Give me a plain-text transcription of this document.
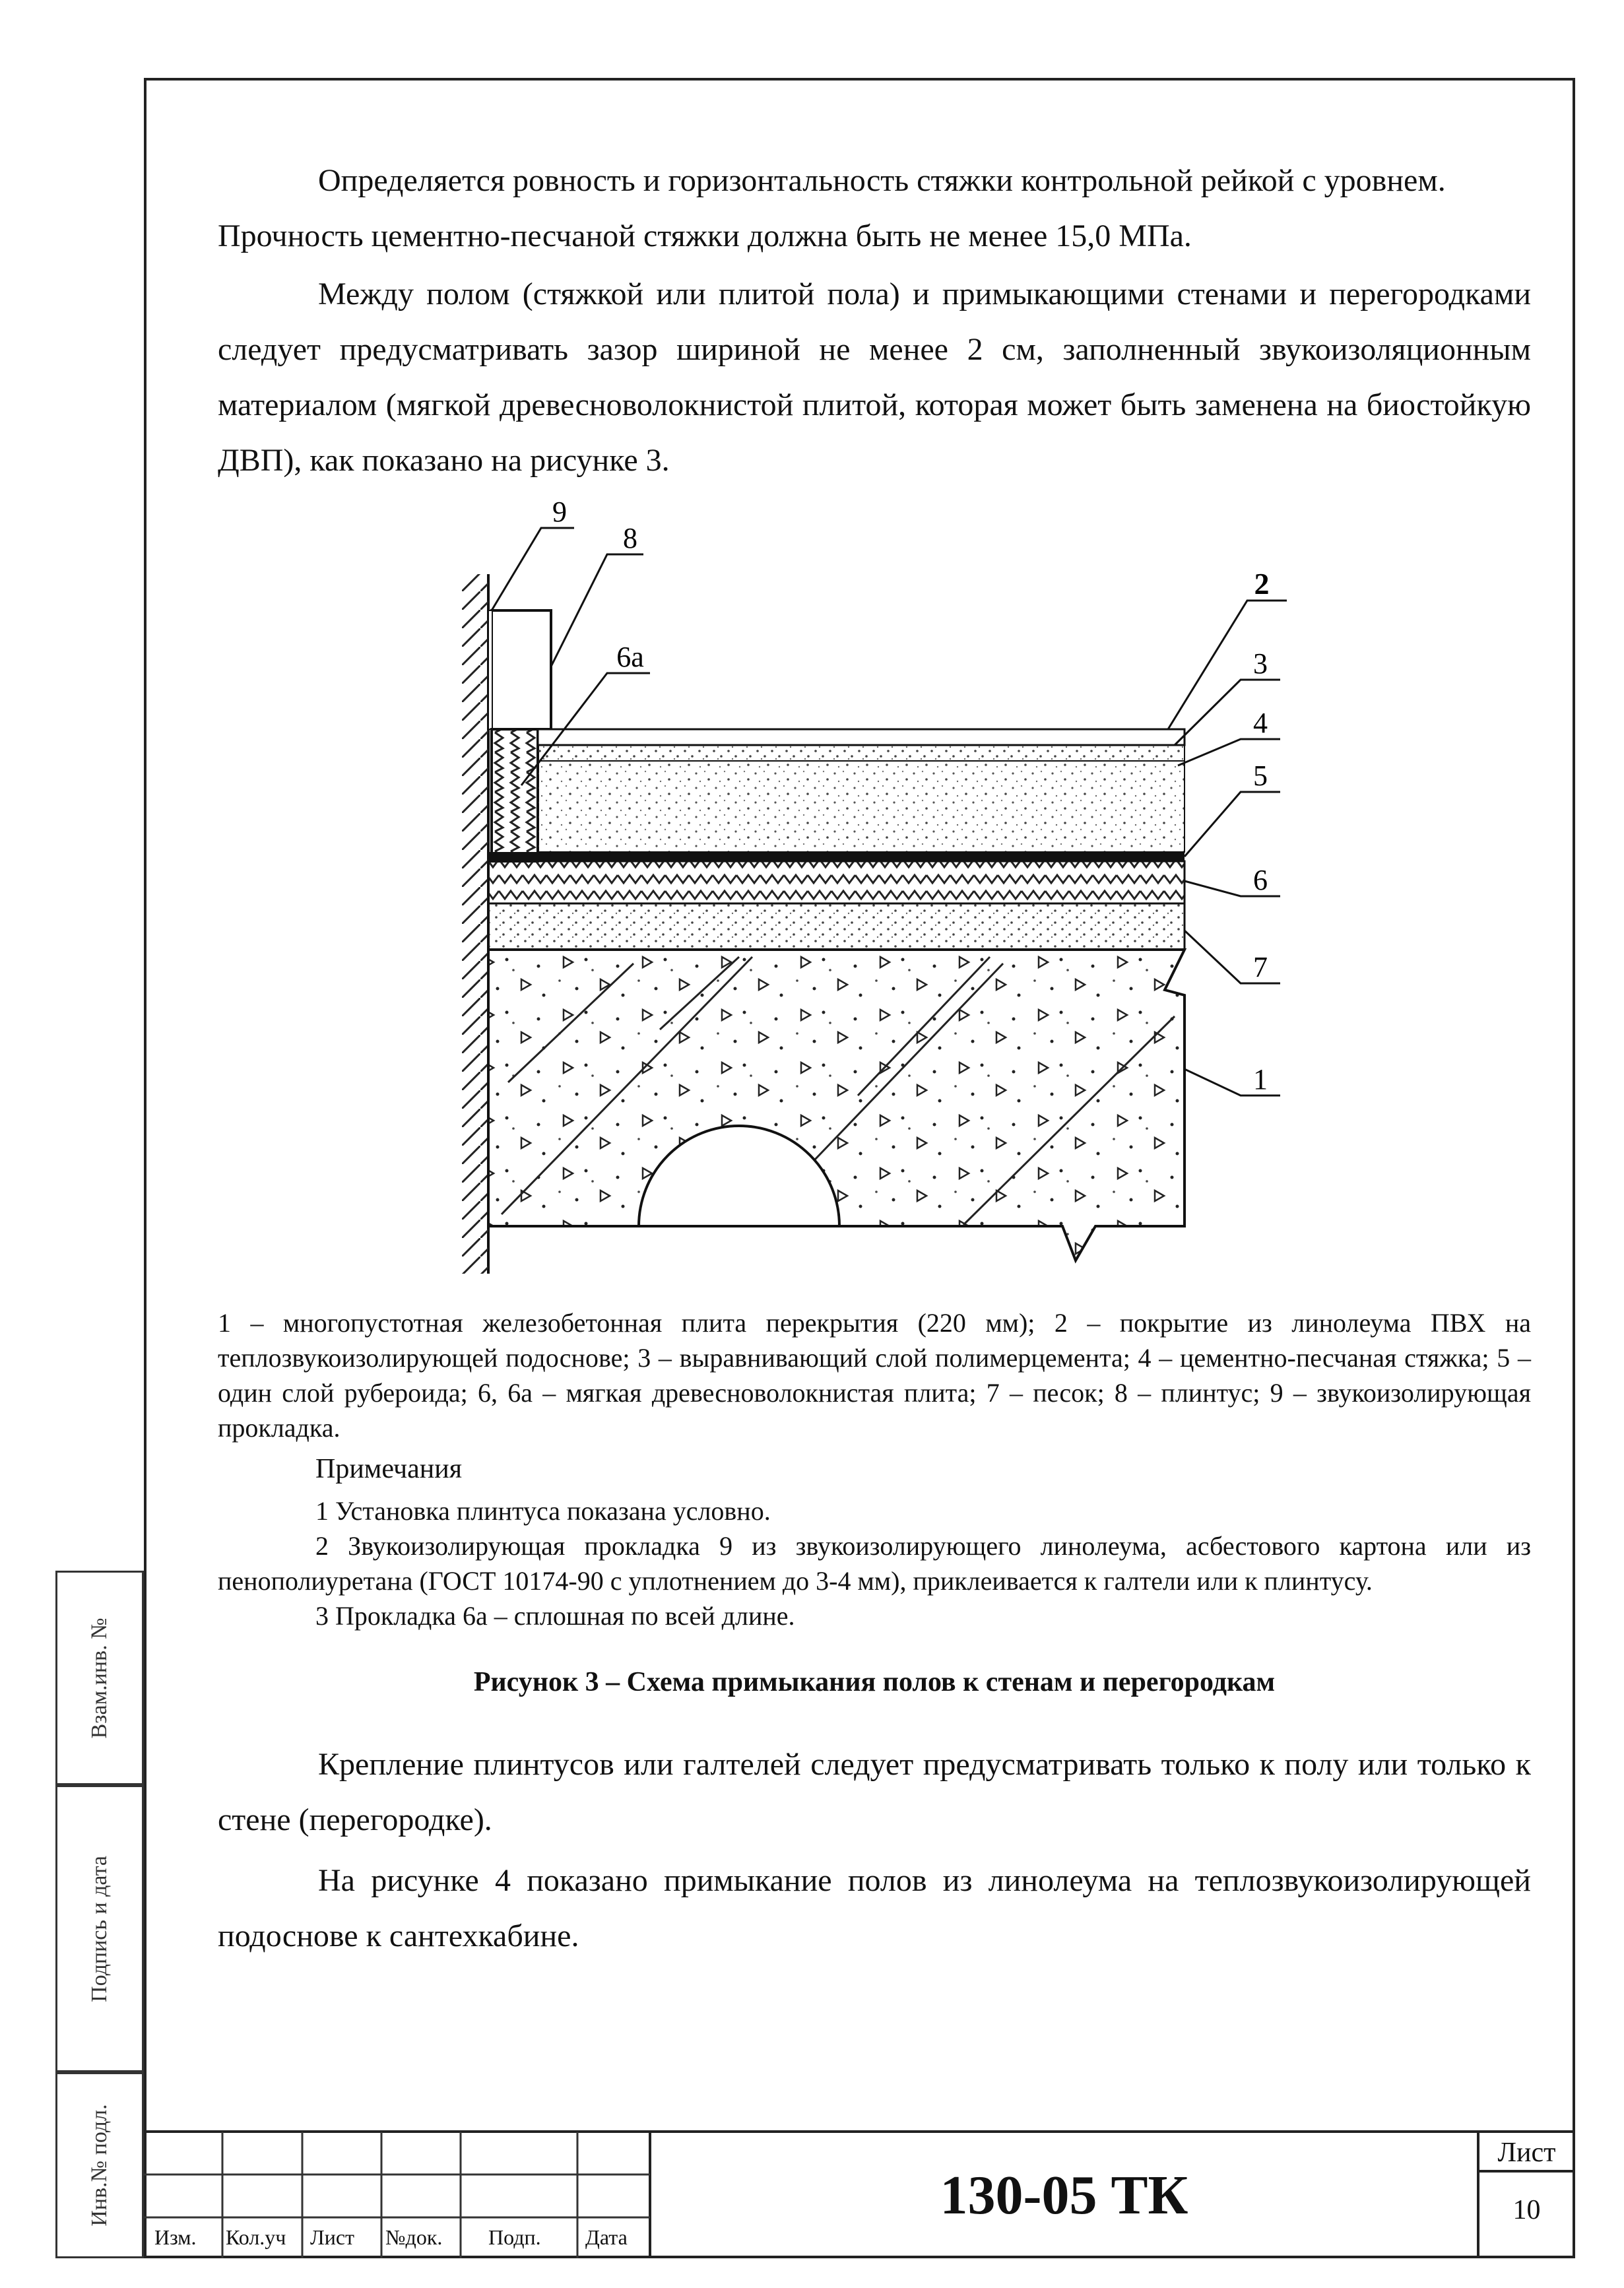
Определяется ровность и горизонтальность стяжки контрольной рейкой с уровнем.

Прочность цементно-песчаной стяжки должна быть не менее 15,0 МПа.

Между полом (стяжкой или плитой пола) и примыкающими стенами и перегородками следует предусматривать зазор шириной не менее 2 см, заполненный звукоизоляционным материалом (мягкой древесноволокнистой плитой, которая может быть заменена на биостойкую ДВП), как показано на рисунке 3.

9
8
6а
2
3
4
5
6
7
1

1 – многопустотная железобетонная плита перекрытия (220 мм); 2 – покрытие из линолеума ПВХ на теплозвукоизолирующей подоснове; 3 – выравнивающий слой полимерцемента; 4 – цементно-песчаная стяжка; 5 – один слой рубероида; 6, 6а – мягкая древесноволокнистая плита; 7 – песок; 8 – плинтус; 9 – звукоизолирующая прокладка.

Примечания

1 Установка плинтуса показана условно.

2 Звукоизолирующая прокладка 9 из звукоизолирующего линолеума, асбестового картона или из пенополиуретана (ГОСТ 10174-90 с уплотнением до 3-4 мм), приклеивается к галтели или к плинтусу.

3 Прокладка 6а – сплошная по всей длине.

Рисунок 3 – Схема примыкания полов к стенам и перегородкам

Крепление плинтусов или галтелей следует предусматривать только к полу или только к стене (перегородке).

На рисунке 4 показано примыкание полов из линолеума на теплозвукоизолирующей подоснове к сантехкабине.

Взам.инв. №
Подпись и дата
Инв.№ подл.
Изм. Кол.уч Лист №док. Подп. Дата
130-05 ТК
Лист
10
